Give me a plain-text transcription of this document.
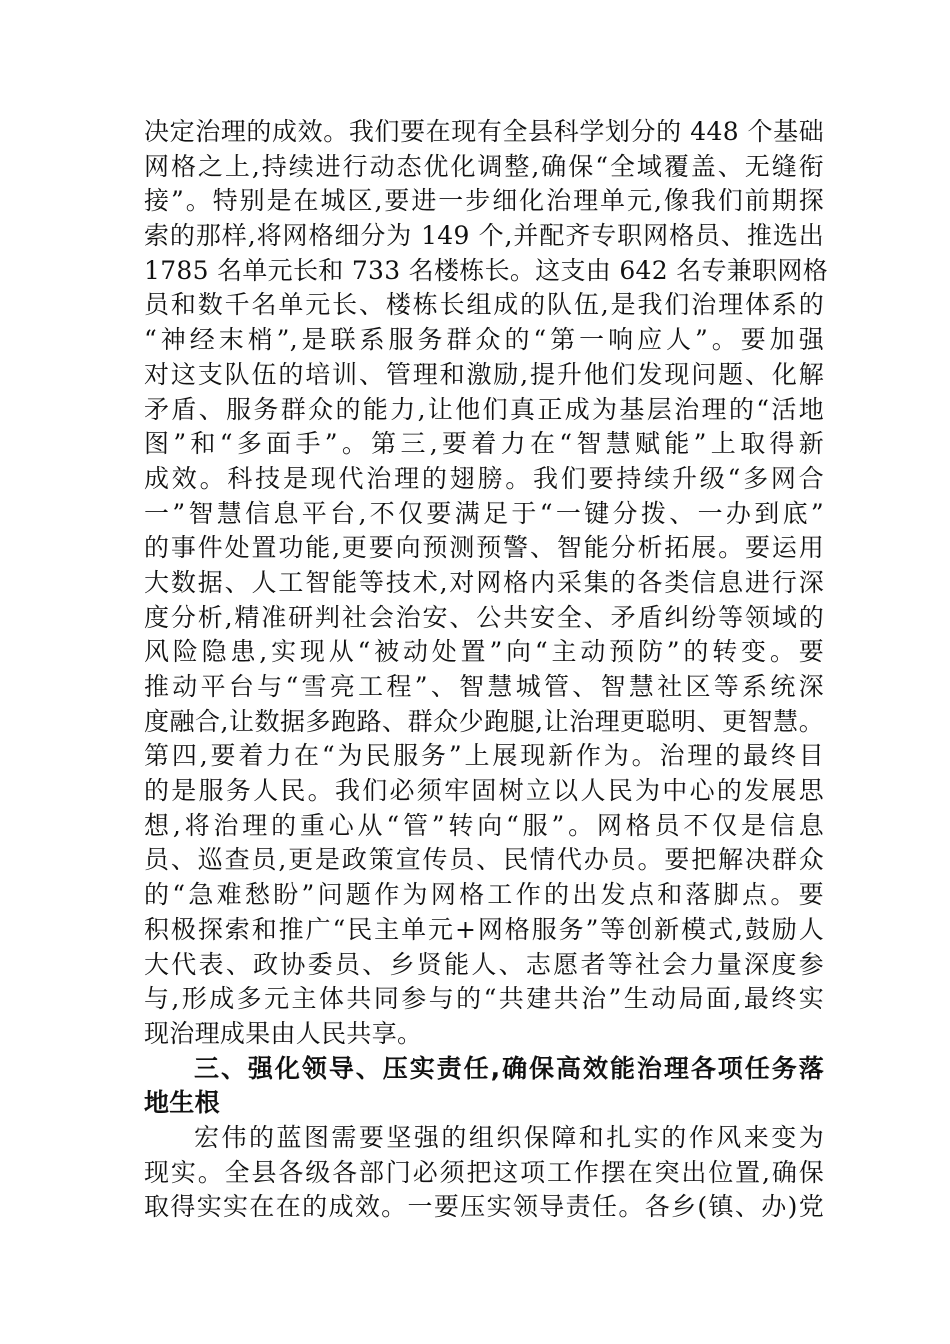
决定治理的成效。我们要在现有全县科学划分的 448 个基础
网格之上,持续进行动态优化调整,确保“全域覆盖、无缝衔
接”。特别是在城区,要进一步细化治理单元,像我们前期探
索的那样,将网格细分为 149 个,并配齐专职网格员、推选出
1785 名单元长和 733 名楼栋长。这支由 642 名专兼职网格
员和数千名单元长、楼栋长组成的队伍,是我们治理体系的
“神经末梢”,是联系服务群众的“第一响应人”。要加强
对这支队伍的培训、管理和激励,提升他们发现问题、化解
矛盾、服务群众的能力,让他们真正成为基层治理的“活地
图”和“多面手”。第三,要着力在“智慧赋能”上取得新
成效。科技是现代治理的翅膀。我们要持续升级“多网合
一”智慧信息平台,不仅要满足于“一键分拨、一办到底”
的事件处置功能,更要向预测预警、智能分析拓展。要运用
大数据、人工智能等技术,对网格内采集的各类信息进行深
度分析,精准研判社会治安、公共安全、矛盾纠纷等领域的
风险隐患,实现从“被动处置”向“主动预防”的转变。要
推动平台与“雪亮工程”、智慧城管、智慧社区等系统深
度融合,让数据多跑路、群众少跑腿,让治理更聪明、更智慧。
第四,要着力在“为民服务”上展现新作为。治理的最终目
的是服务人民。我们必须牢固树立以人民为中心的发展思
想,将治理的重心从“管”转向“服”。网格员不仅是信息
员、巡查员,更是政策宣传员、民情代办员。要把解决群众
的“急难愁盼”问题作为网格工作的出发点和落脚点。要
积极探索和推广“民主单元+网格服务”等创新模式,鼓励人
大代表、政协委员、乡贤能人、志愿者等社会力量深度参
与,形成多元主体共同参与的“共建共治”生动局面,最终实
现治理成果由人民共享。
三、强化领导、压实责任,确保高效能治理各项任务落
地生根
宏伟的蓝图需要坚强的组织保障和扎实的作风来变为
现实。全县各级各部门必须把这项工作摆在突出位置,确保
取得实实在在的成效。一要压实领导责任。各乡(镇、办)党
